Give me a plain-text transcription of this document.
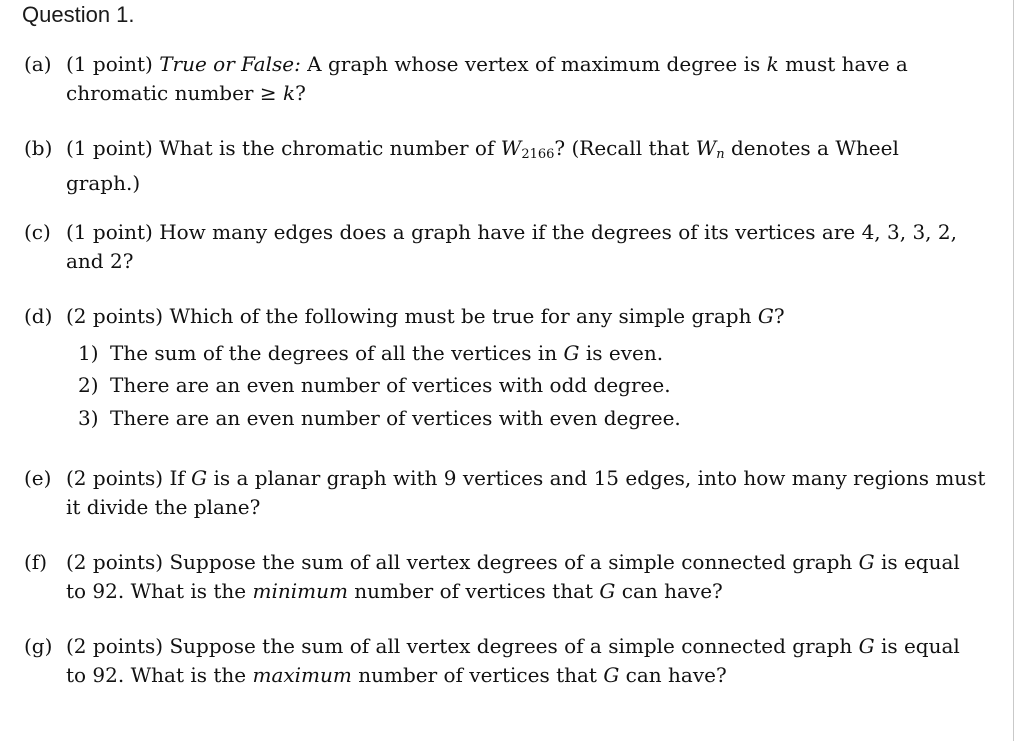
Question 1.
(a) (1 point) True or False: A graph whose vertex of maximum degree is k must have a
chromatic number ≥ k?
(b) (1 point) What is the chromatic number of $W_{2166}$? (Recall that $W_n$ denotes a Wheel
graph.)
(c) (1 point) How many edges does a graph have if the degrees of its vertices are 4, 3, 3, 2,
and 2?
(d) (2 points) Which of the following must be true for any simple graph G?
1) The sum of the degrees of all the vertices in G is even.
2) There are an even number of vertices with odd degree.
3) There are an even number of vertices with even degree.
(e) (2 points) If G is a planar graph with 9 vertices and 15 edges, into how many regions must
it divide the plane?
(f) (2 points) Suppose the sum of all vertex degrees of a simple connected graph G is equal
to 92. What is the minimum number of vertices that G can have?
(g) (2 points) Suppose the sum of all vertex degrees of a simple connected graph G is equal
to 92. What is the maximum number of vertices that G can have?
